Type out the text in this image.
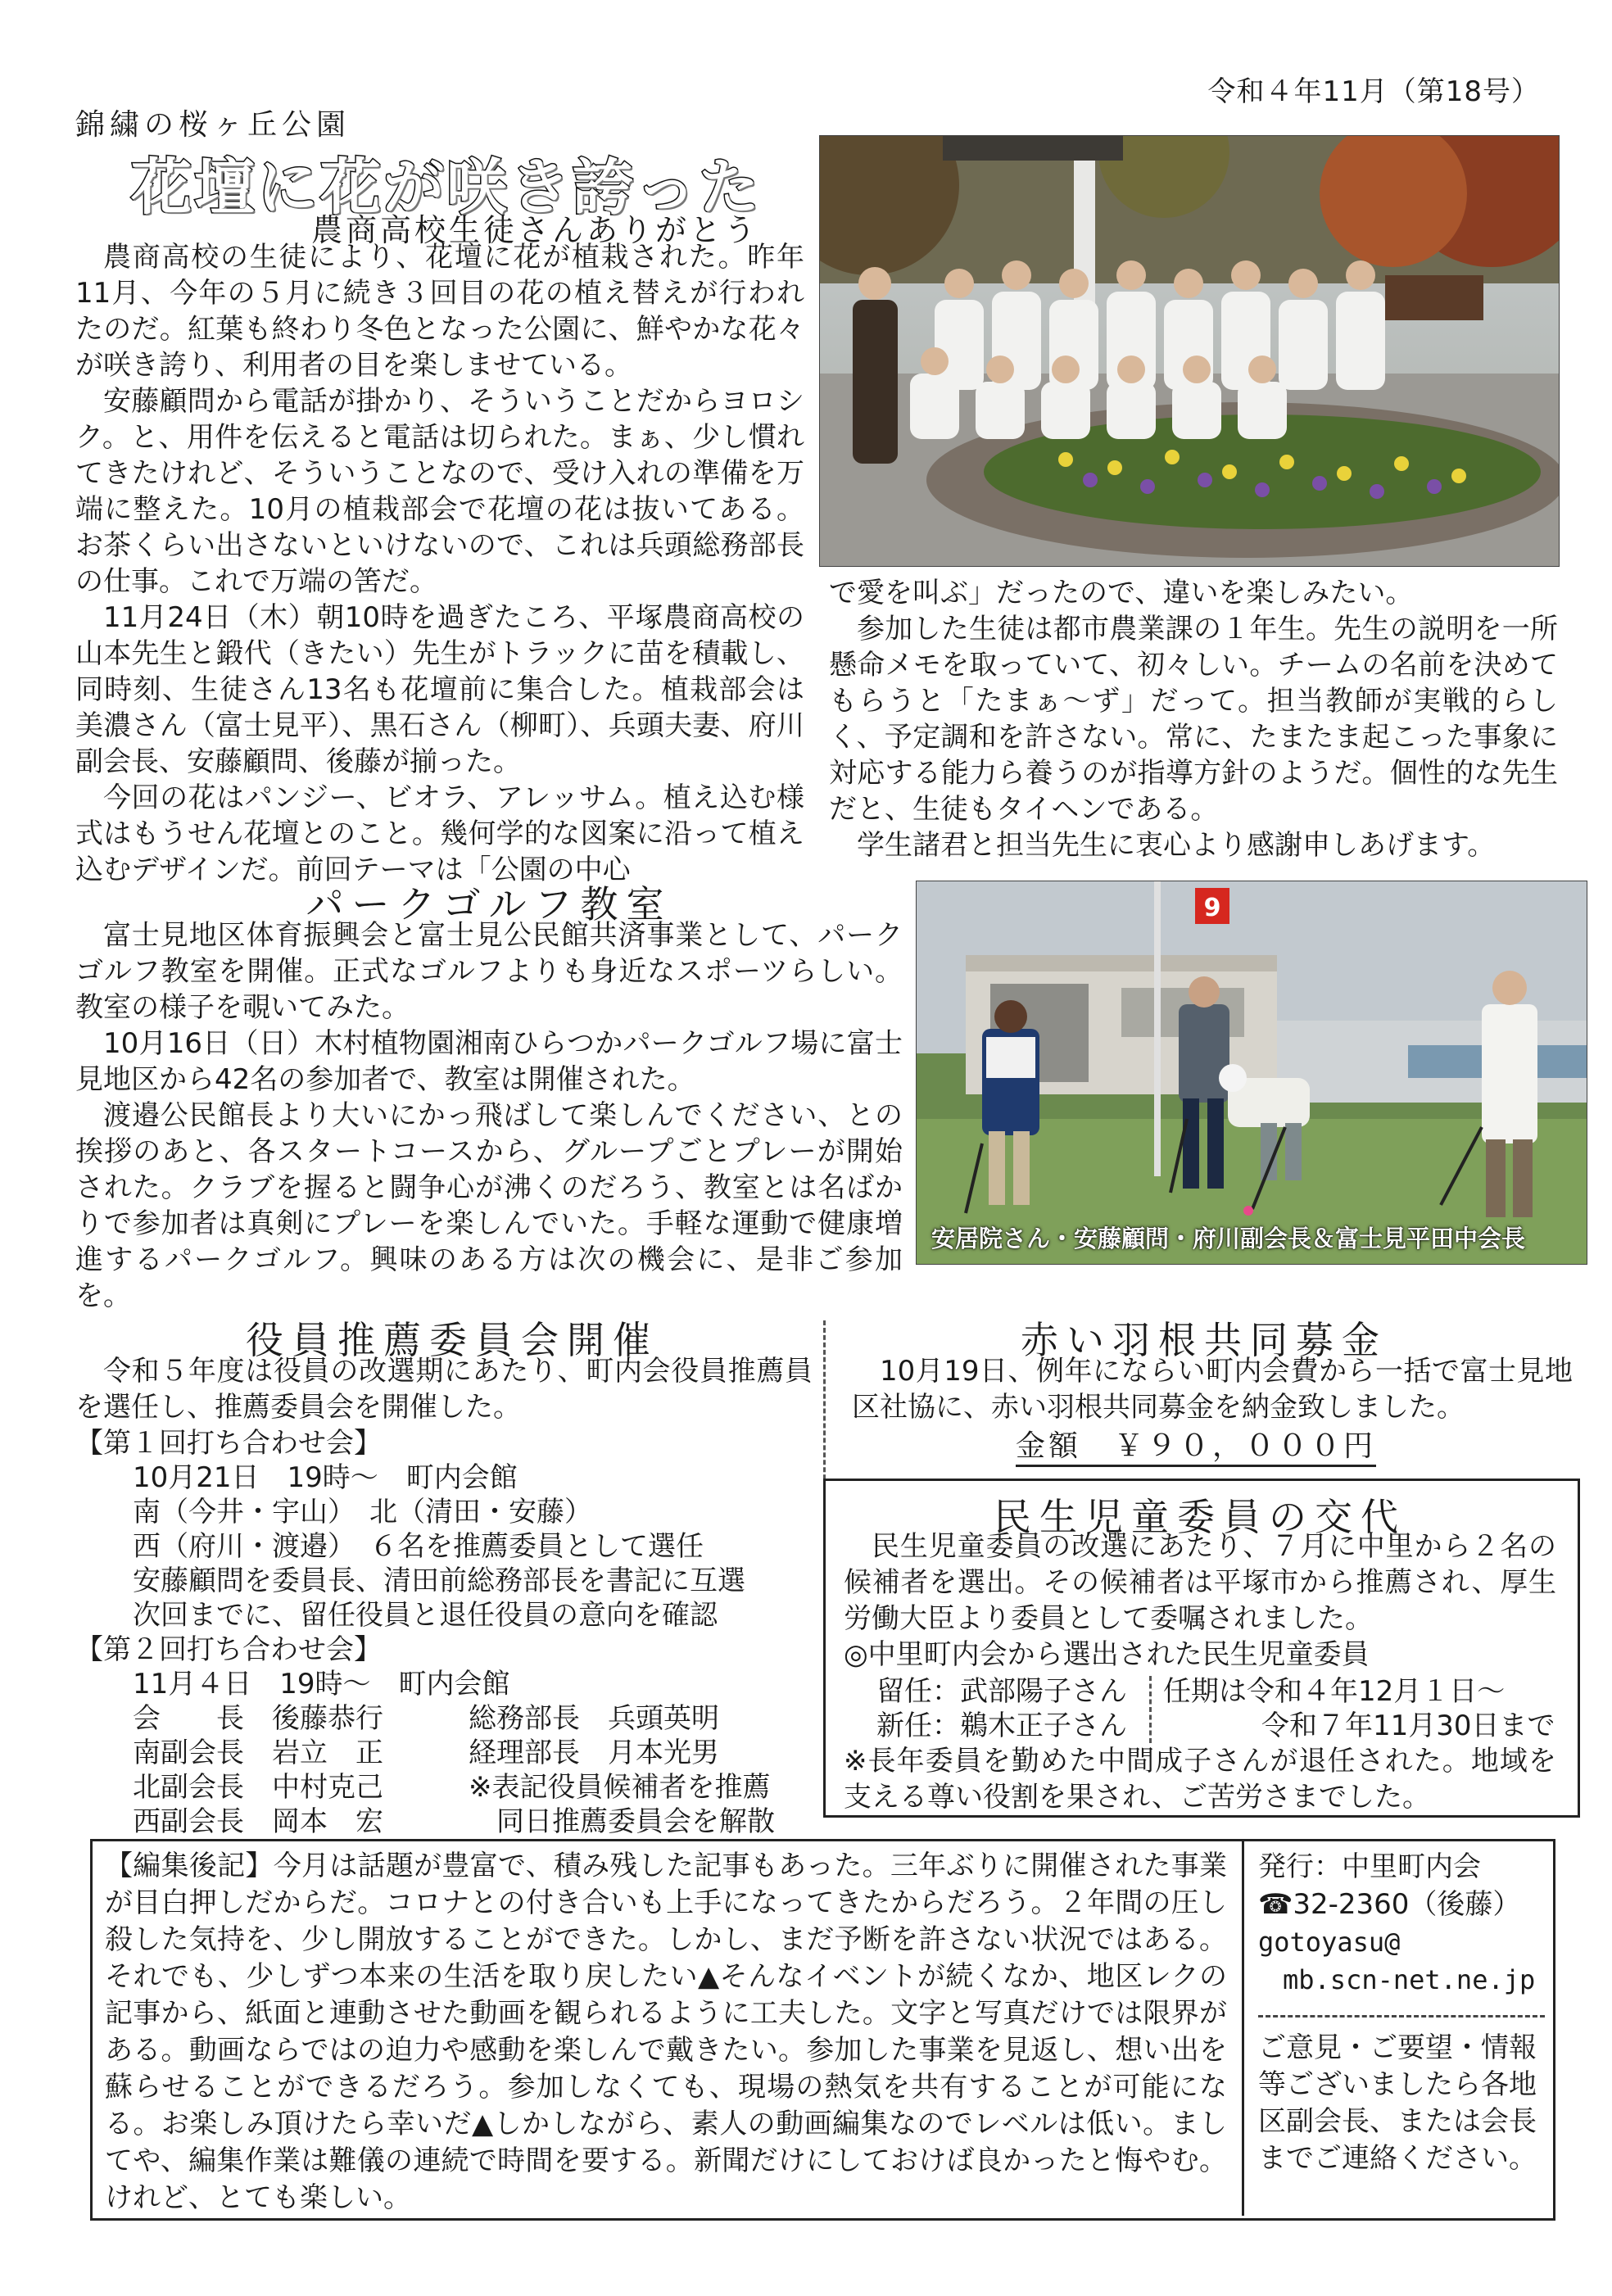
令和４年11月（第18号）
錦繍の桜ヶ丘公園
花壇に花が咲き誇った
農商高校生徒さんありがとう

農商高校の生徒により、花壇に花が植栽された。昨年11月、今年の５月に続き３回目の花の植え替えが行われたのだ。紅葉も終わり冬色となった公園に、鮮やかな花々が咲き誇り、利用者の目を楽しませている。

安藤顧問から電話が掛かり、そういうことだからヨロシク。と、用件を伝えると電話は切られた。まぁ、少し慣れてきたけれど、そういうことなので、受け入れの準備を万端に整えた。10月の植栽部会で花壇の花は抜いてある。お茶くらい出さないといけないので、これは兵頭総務部長の仕事。これで万端の筈だ。

11月24日（木）朝10時を過ぎたころ、平塚農商高校の山本先生と鍛代（きたい）先生がトラックに苗を積載し、同時刻、生徒さん13名も花壇前に集合した。植栽部会は美濃さん（富士見平）、黒石さん（柳町）、兵頭夫妻、府川副会長、安藤顧問、後藤が揃った。

今回の花はパンジー、ビオラ、アレッサム。植え込む様式はもうせん花壇とのこと。幾何学的な図案に沿って植え込むデザインだ。前回テーマは「公園の中心

で愛を叫ぶ」だったので、違いを楽しみたい。

参加した生徒は都市農業課の１年生。先生の説明を一所懸命メモを取っていて、初々しい。チームの名前を決めてもらうと「たまぁ～ず」だって。担当教師が実戦的らしく、予定調和を許さない。常に、たまたま起こった事象に対応する能力ら養うのが指導方針のようだ。個性的な先生だと、生徒もタイヘンである。

学生諸君と担当先生に衷心より感謝申しあげます。

パークゴルフ教室

富士見地区体育振興会と富士見公民館共済事業として、パークゴルフ教室を開催。正式なゴルフよりも身近なスポーツらしい。教室の様子を覗いてみた。

10月16日（日）木村植物園湘南ひらつかパークゴルフ場に富士見地区から42名の参加者で、教室は開催された。

渡邉公民館長より大いにかっ飛ばして楽しんでください、との挨拶のあと、各スタートコースから、グループごとプレーが開始された。クラブを握ると闘争心が沸くのだろう、教室とは名ばかりで参加者は真剣にプレーを楽しんでいた。手軽な運動で健康増進するパークゴルフ。興味のある方は次の機会に、是非ご参加を。

9
安居院さん・安藤顧問・府川副会長＆富士見平田中会長
役員推薦委員会開催

令和５年度は役員の改選期にあたり、町内会役員推薦員を選任し、推薦委員会を開催した。

【第１回打ち合わせ会】
10月21日　19時～　町内会館
南（今井・宇山）　北（清田・安藤）
西（府川・渡邉）　６名を推薦委員として選任
安藤顧問を委員長、清田前総務部長を書記に互選
次回までに、留任役員と退任役員の意向を確認
【第２回打ち合わせ会】
11月４日　19時～　町内会館
会　　長　後藤恭行
南副会長　岩立　正
北副会長　中村克己
西副会長　岡本　宏
総務部長　兵頭英明
経理部長　月本光男
※表記役員候補者を推薦
　同日推薦委員会を解散
赤い羽根共同募金

10月19日、例年にならい町内会費から一括で富士見地区社協に、赤い羽根共同募金を納金致しました。

金額　￥９０，０００円
民生児童委員の交代

民生児童委員の改選にあたり、７月に中里から２名の候補者を選出。その候補者は平塚市から推薦され、厚生労働大臣より委員として委嘱されました。

◎中里町内会から選出された民生児童委員

留任：武部陽子さん
新任：鵜木正子さん
任期は令和４年12月１日～
令和７年11月30日まで

※長年委員を勤めた中間成子さんが退任された。地域を支える尊い役割を果され、ご苦労さまでした。

【編集後記】今月は話題が豊富で、積み残した記事もあった。三年ぶりに開催された事業が目白押しだからだ。コロナとの付き合いも上手になってきたからだろう。２年間の圧し殺した気持を、少し開放することができた。しかし、まだ予断を許さない状況ではある。それでも、少しずつ本来の生活を取り戻したい▲そんなイベントが続くなか、地区レクの記事から、紙面と連動させた動画を観られるように工夫した。文字と写真だけでは限界がある。動画ならではの迫力や感動を楽しんで戴きたい。参加した事業を見返し、想い出を蘇らせることができるだろう。参加しなくても、現場の熱気を共有することが可能になる。お楽しみ頂けたら幸いだ▲しかしながら、素人の動画編集なのでレベルは低い。ましてや、編集作業は難儀の連続で時間を要する。新聞だけにしておけば良かったと悔やむ。けれど、とても楽しい。
発行：中里町内会
☎32-2360（後藤）
gotoyasu@
mb.scn-net.ne.jp
ご意見・ご要望・情報等ございましたら各地区副会長、または会長までご連絡ください。
